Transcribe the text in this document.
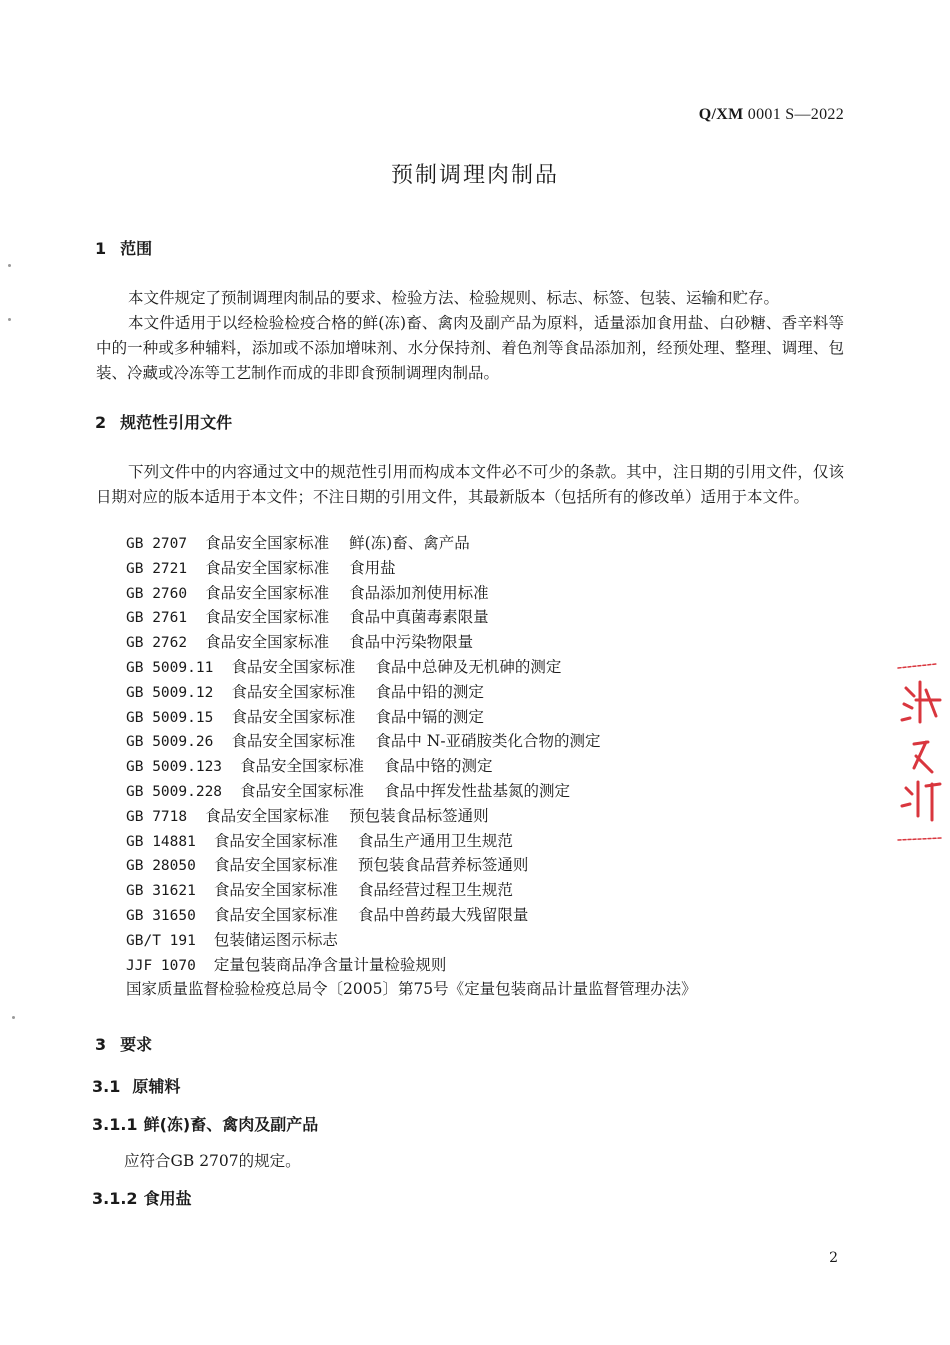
Q/XM 0001 S—2022
预制调理肉制品
1 范围

本文件规定了预制调理肉制品的要求、检验方法、检验规则、标志、标签、包装、运输和贮存。

本文件适用于以经检验检疫合格的鲜(冻)畜、禽肉及副产品为原料，适量添加食用盐、白砂糖、香辛料等中的一种或多种辅料，添加或不添加增味剂、水分保持剂、着色剂等食品添加剂，经预处理、整理、调理、包装、冷藏或冷冻等工艺制作而成的非即食预制调理肉制品。

2 规范性引用文件

下列文件中的内容通过文中的规范性引用而构成本文件必不可少的条款。其中，注日期的引用文件，仅该日期对应的版本适用于本文件；不注日期的引用文件，其最新版本（包括所有的修改单）适用于本文件。

GB 2707 食品安全国家标准 鲜(冻)畜、禽产品
GB 2721 食品安全国家标准 食用盐
GB 2760 食品安全国家标准 食品添加剂使用标准
GB 2761 食品安全国家标准 食品中真菌毒素限量
GB 2762 食品安全国家标准 食品中污染物限量
GB 5009.11 食品安全国家标准 食品中总砷及无机砷的测定
GB 5009.12 食品安全国家标准 食品中铅的测定
GB 5009.15 食品安全国家标准 食品中镉的测定
GB 5009.26 食品安全国家标准 食品中 N-亚硝胺类化合物的测定
GB 5009.123 食品安全国家标准 食品中铬的测定
GB 5009.228 食品安全国家标准 食品中挥发性盐基氮的测定
GB 7718 食品安全国家标准 预包装食品标签通则
GB 14881 食品安全国家标准 食品生产通用卫生规范
GB 28050 食品安全国家标准 预包装食品营养标签通则
GB 31621 食品安全国家标准 食品经营过程卫生规范
GB 31650 食品安全国家标准 食品中兽药最大残留限量
GB/T 191 包装储运图示标志
JJF 1070 定量包装商品净含量计量检验规则
国家质量监督检验检疫总局令〔2005〕第75号《定量包装商品计量监督管理办法》
3 要求
3.1 原辅料
3.1.1 鲜(冻)畜、禽肉及副产品
应符合GB 2707的规定。
3.1.2 食用盐
2
